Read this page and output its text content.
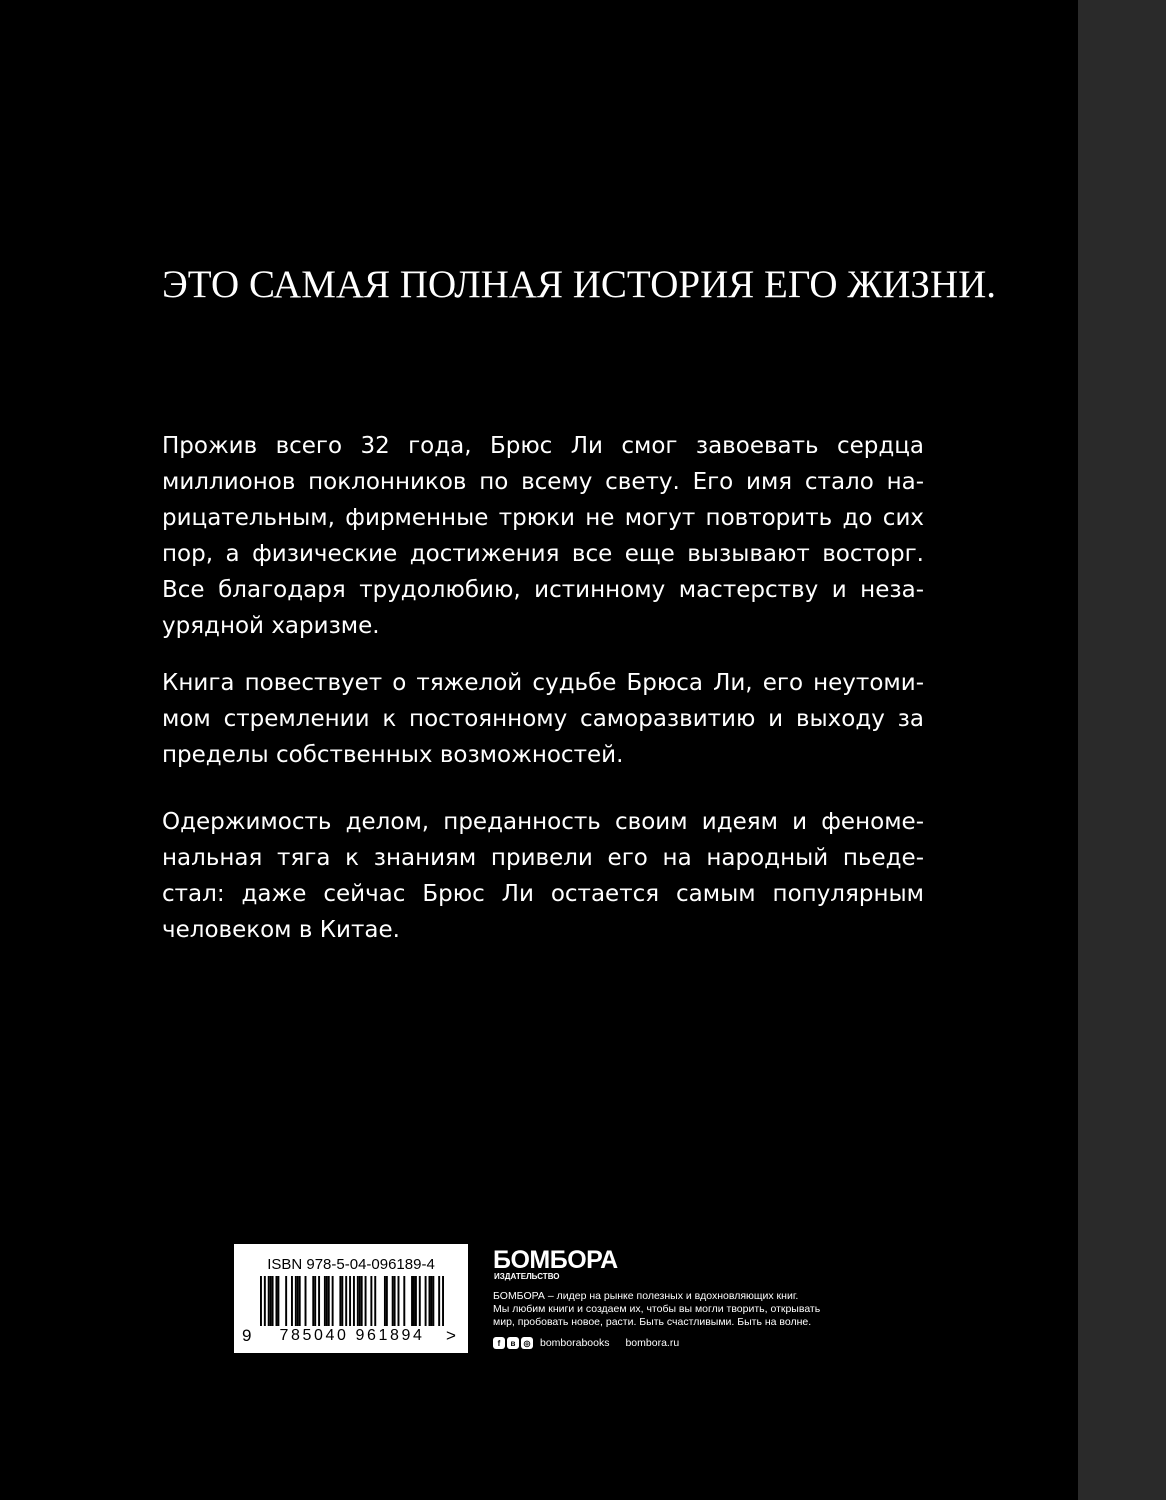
ЭТО САМАЯ ПОЛНАЯ ИСТОРИЯ ЕГО ЖИЗНИ.

Прожив всего 32 года, Брюс Ли смог завоевать сердца
миллионов поклонников по всему свету. Его имя стало на-
рицательным, фирменные трюки не могут повторить до сих
пор, а физические достижения все еще вызывают восторг.
Все благодаря трудолюбию, истинному мастерству и неза-
урядной харизме.

Книга повествует о тяжелой судьбе Брюса Ли, его неутоми-
мом стремлении к постоянному саморазвитию и выходу за
пределы собственных возможностей.

Одержимость делом, преданность своим идеям и феноме-
нальная тяга к знаниям привели его на народный пьеде-
стал: даже сейчас Брюс Ли остается самым популярным
человеком в Китае.

ISBN 978-5-04-096189-4
9	785040 961894	>
БОМБОРА
ИЗДАТЕЛЬСТВО

БОМБОРА – лидер на рынке полезных и вдохновляющих книг.
Мы любим книги и создаем их, чтобы вы могли творить, открывать
мир, пробовать новое, расти. Быть счастливыми. Быть на волне.

f	в	◎ bomborabooks bombora.ru
